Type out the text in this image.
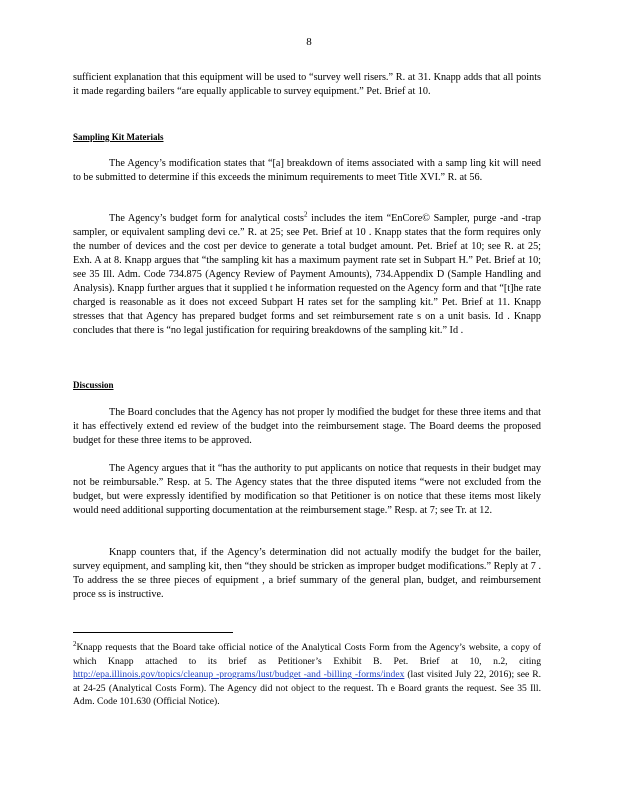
8
sufficient explanation that this equipment will be used to “survey well risers.” R. at 31. Knapp adds that all points it made regarding bailers “are equally applicable to survey equipment.” Pet. Brief at 10.
Sampling Kit Materials
The Agency’s modification states that “[a] breakdown of items associated with a samp ling kit will need to be submitted to determine if this exceeds the minimum requirements to meet Title XVI.” R. at 56.
The Agency’s budget form for analytical costs$^2$ includes the item “EnCore© Sampler, purge -and -trap sampler, or equivalent sampling devi ce.” R. at 25; see Pet. Brief at 10 . Knapp states that the form requires only the number of devices and the cost per device to generate a total budget amount. Pet. Brief at 10; see R. at 25; Exh. A at 8. Knapp argues that “the sampling kit has a maximum payment rate set in Subpart H.” Pet. Brief at 10; see 35 Ill. Adm. Code 734.875 (Agency Review of Payment Amounts), 734.Appendix D (Sample Handling and Analysis). Knapp further argues that it supplied t he information requested on the Agency form and that “[t]he rate charged is reasonable as it does not exceed Subpart H rates set for the sampling kit.” Pet. Brief at 11. Knapp stresses that that Agency has prepared budget forms and set reimbursement rate s on a unit basis. Id . Knapp concludes that there is “no legal justification for requiring breakdowns of the sampling kit.” Id .
Discussion
The Board concludes that the Agency has not proper ly modified the budget for these three items and that it has effectively extend ed review of the budget into the reimbursement stage. The Board deems the proposed budget for these three items to be approved.
The Agency argues that it “has the authority to put applicants on notice that requests in their budget may not be reimbursable.” Resp. at 5. The Agency states that the three disputed items “were not excluded from the budget, but were expressly identified by modification so that Petitioner is on notice that these items most likely would need additional supporting documentation at the reimbursement stage.” Resp. at 7; see Tr. at 12.
Knapp counters that, if the Agency’s determination did not actually modify the budget for the bailer, survey equipment, and sampling kit, then “they should be stricken as improper budget modifications.” Reply at 7 . To address the se three pieces of equipment , a brief summary of the general plan, budget, and reimbursement proce ss is instructive.
$^2$Knapp requests that the Board take official notice of the Analytical Costs Form from the Agency’s website, a copy of which Knapp attached to its brief as Petitioner’s Exhibit B. Pet. Brief at 10, n.2, citing http://epa.illinois.gov/topics/cleanup -programs/lust/budget -and -billing -forms/index (last visited July 22, 2016); see R. at 24-25 (Analytical Costs Form). The Agency did not object to the request. Th e Board grants the request. See 35 Ill. Adm. Code 101.630 (Official Notice).
